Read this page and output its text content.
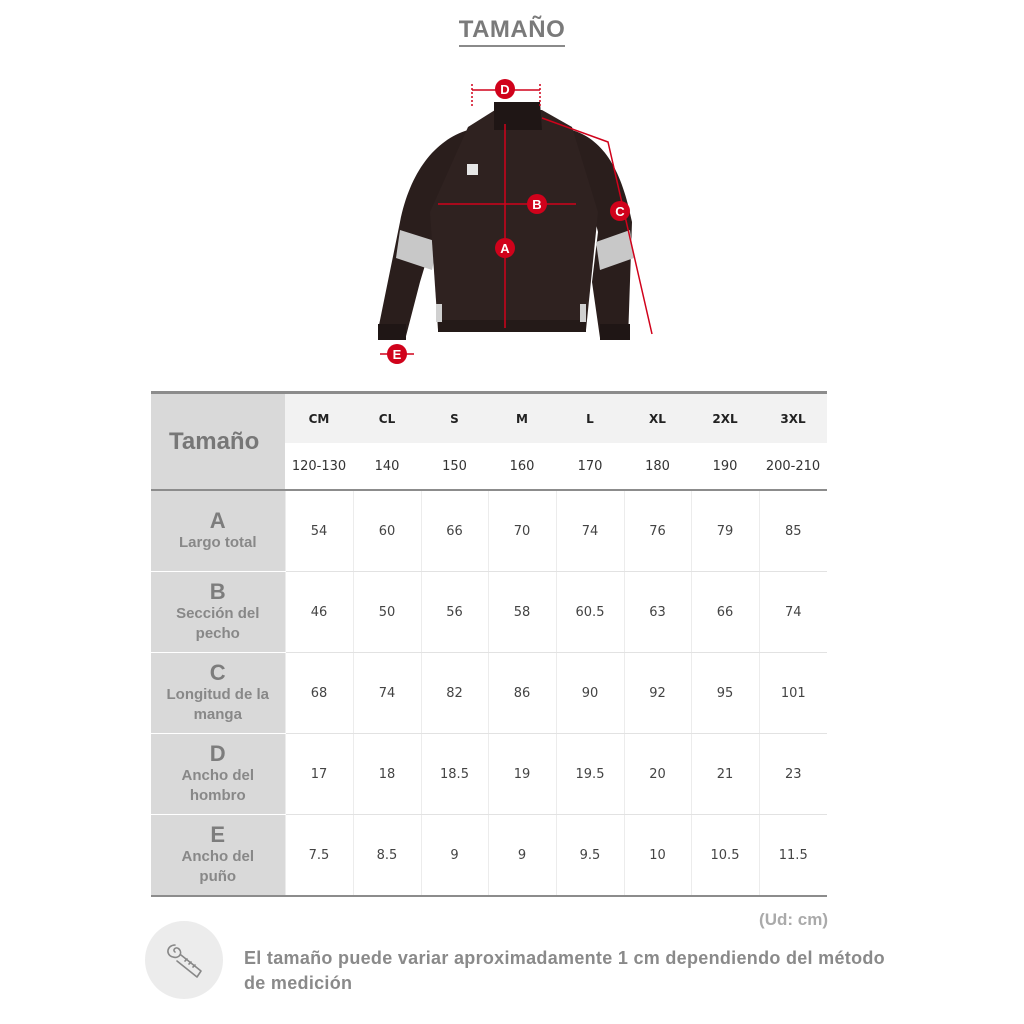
TAMAÑO
D
B
A
C
E
Tamaño	CM	CL	S	M	L	XL	2XL	3XL
	120-130	140	150	160	170	180	190	200-210

A
Largo total	54	60	66	70	74	76	79	85

B
Sección del
pecho	46	50	56	58	60.5	63	66	74

C
Longitud de la
manga	68	74	82	86	90	92	95	101

D
Ancho del
hombro	17	18	18.5	19	19.5	20	21	23

E
Ancho del
puño	7.5	8.5	9	9	9.5	10	10.5	11.5
(Ud: cm)
El tamaño puede variar aproximadamente 1 cm dependiendo del método de medición
